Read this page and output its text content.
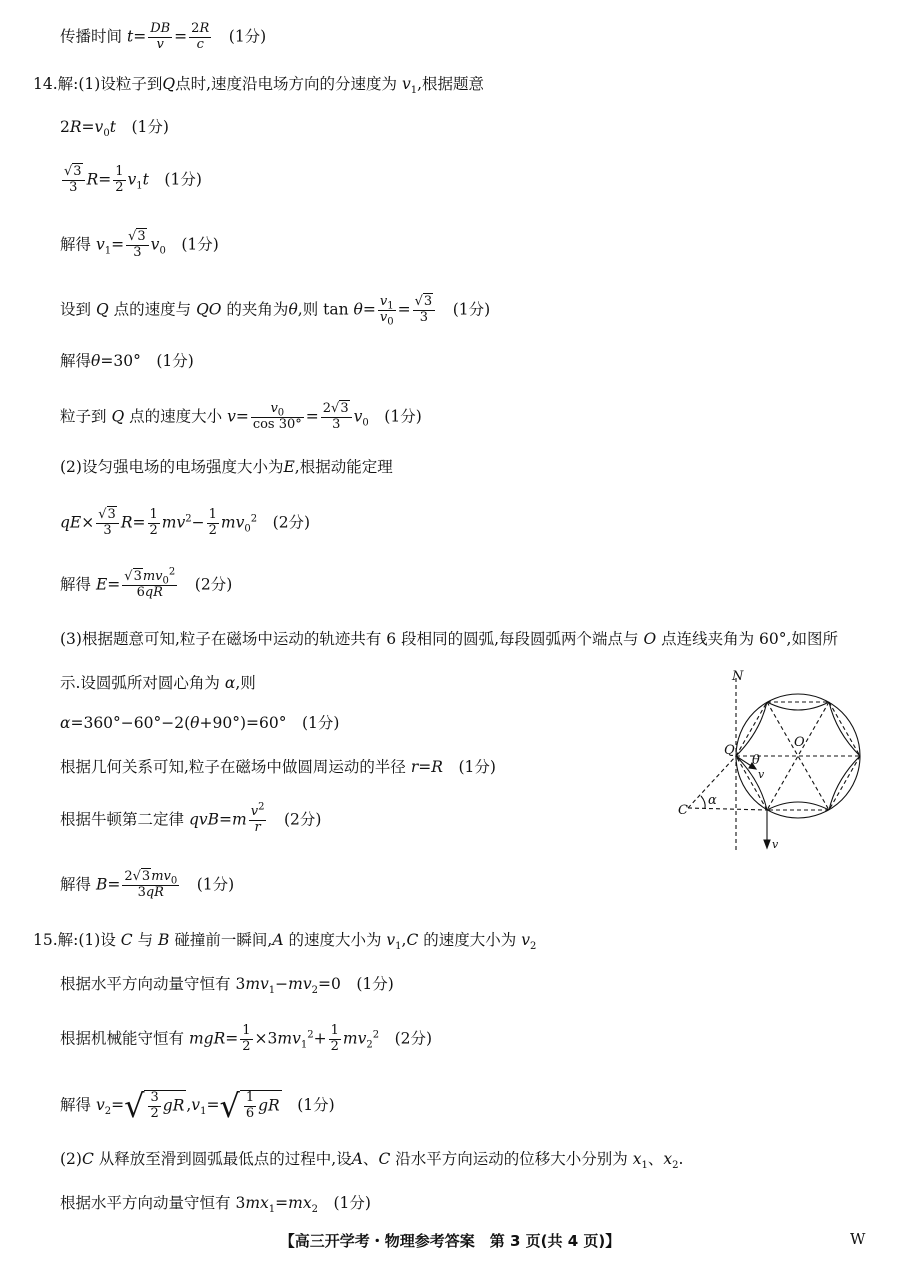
传播时间 $t= \frac{DB}{v} = \frac{2R}{c}$
　 (1分)
14.解:(1)设粒子到Q点时,速度沿电场方向的分速度为 $v_1$,根据题意
$2R=v_0t$　 (1分)
$\frac{√3}{3} R= \frac{1}{2} v_1t$　 (1分)
解得 $v_1= \frac{√3}{3} v_0$　 (1分)
设到 Q 点的速度与 QO 的夹角为θ,则 $\tan \theta= \frac{v_1}{v_0} = \frac{√3}{3}$
　 (1分)
解得θ=30°　(1分)
粒子到 Q 点的速度大小 $v= \frac{v_0}{\cos 30^\circ} = \frac{2√3}{3} v_0$　 (1分)
(2)设匀强电场的电场强度大小为E,根据动能定理
$qE\times \frac{√3}{3} R= \frac{1}{2} mv^2- \frac{1}{2} mv_0^2$　 (2分)
解得 $E= \frac{√3mv_0^2}{6qR}$
　 (2分)
(3)根据题意可知,粒子在磁场中运动的轨迹共有 6 段相同的圆弧,每段圆弧两个端点与 O 点连线夹角为 60°,如图所
示.设圆弧所对圆心角为 α,则
α=360°−60°−2(θ+90°)=60°　(1分)
根据几何关系可知,粒子在磁场中做圆周运动的半径 r=R　 (1分)
根据牛顿第二定律 $qvB=m \frac{v^2}{r}$
　 (2分)
解得 $B= \frac{2√3mv_0}{3qR}$
　 (1分)
N
Q
O
C
α
θ
v
v
15.解:(1)设 C 与 B 碰撞前一瞬间,A 的速度大小为 $v_1,C$ 的速度大小为 $v_2$
根据水平方向动量守恒有 $3mv_1-mv_2=0$　(1分)
根据机械能守恒有 $mgR= \frac{1}{2} \times 3mv_1^2+ \frac{1}{2} mv_2^2$　 (2分)
解得 $v_2=√ \frac{3}{2}$ gR $,v_1=√ \frac{1}{6}$ gR　 (1分)
(2)C 从释放至滑到圆弧最低点的过程中,设A、C 沿水平方向运动的位移大小分别为 $x_1$、$x_2$.
根据水平方向动量守恒有 $3mx_1=mx_2$　 (1分)
【高三开学考・物理参考答案　第 3 页(共 4 页)】	W
